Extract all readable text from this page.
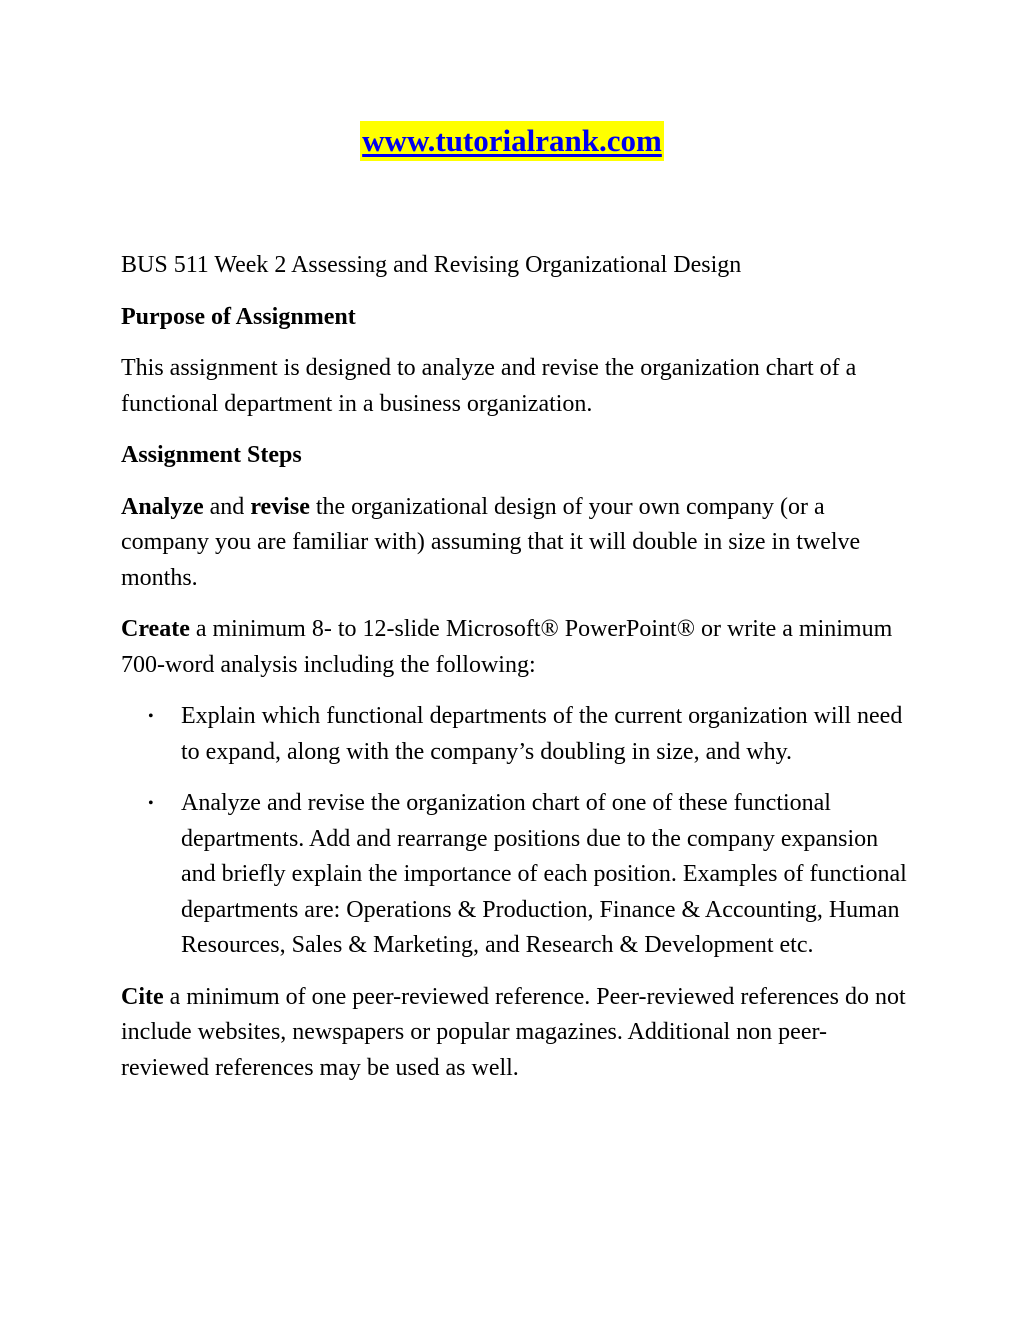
www.tutorialrank.com

BUS 511 Week 2 Assessing and Revising Organizational Design

Purpose of Assignment

This assignment is designed to analyze and revise the organization chart of a functional department in a business organization.

Assignment Steps

Analyze and revise the organizational design of your own company (or a company you are familiar with) assuming that it will double in size in twelve months.

Create a minimum 8- to 12-slide Microsoft® PowerPoint® or write a minimum 700-word analysis including the following:

• Explain which functional departments of the current organization will need to expand, along with the company’s doubling in size, and why.
• Analyze and revise the organization chart of one of these functional departments. Add and rearrange positions due to the company expansion and briefly explain the importance of each position. Examples of functional departments are: Operations & Production, Finance & Accounting, Human Resources, Sales & Marketing, and Research & Development etc.

Cite a minimum of one peer-reviewed reference. Peer-reviewed references do not include websites, newspapers or popular magazines. Additional non peer-reviewed references may be used as well.
